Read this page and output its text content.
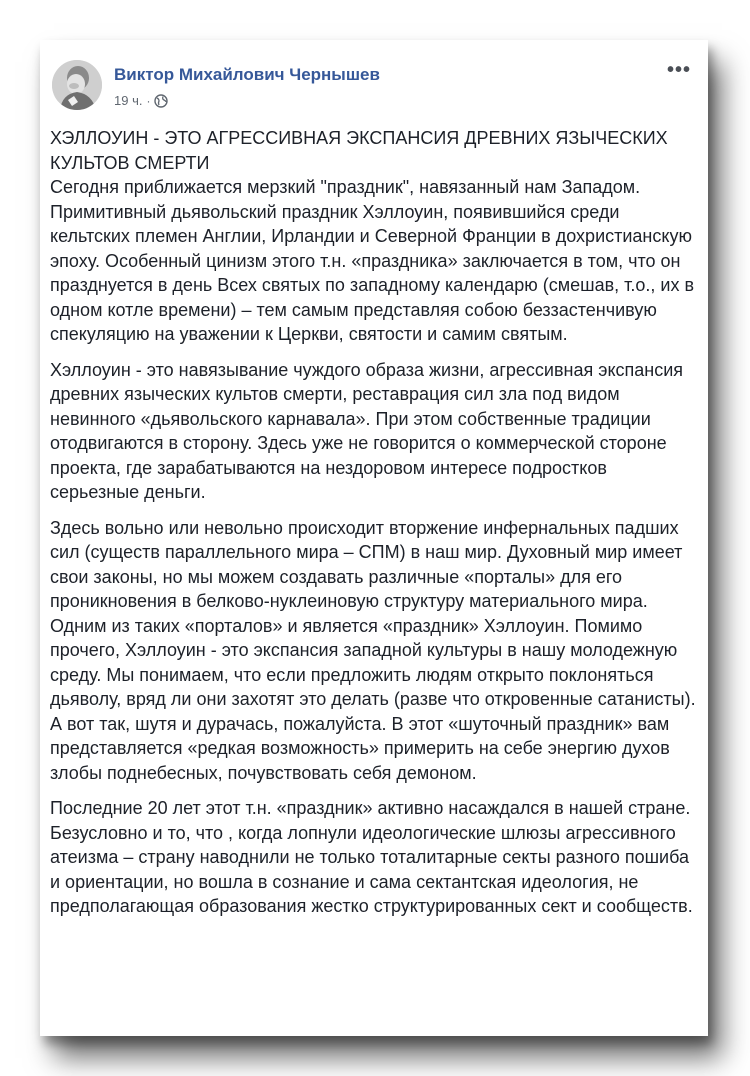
Виктор Михайлович Чернышев
19 ч. ·
•••

ХЭЛЛОУИН - ЭТО АГРЕССИВНАЯ ЭКСПАНСИЯ ДРЕВНИХ ЯЗЫЧЕСКИХ КУЛЬТОВ СМЕРТИ

Сегодня приближается мерзкий "праздник", навязанный нам Западом. Примитивный дьявольский праздник Хэллоуин, появившийся среди кельтских племен Англии, Ирландии и Северной Франции в дохристианскую эпоху. Особенный цинизм этого т.н. «праздника» заключается в том, что он празднуется в день Всех святых по западному календарю (смешав, т.о., их в одном котле времени) – тем самым представляя собою беззастенчивую спекуляцию на уважении к Церкви, святости и самим святым.

Хэллоуин - это навязывание чуждого образа жизни, агрессивная экспансия древних языческих культов смерти, реставрация сил зла под видом невинного «дьявольского карнавала». При этом собственные традиции отодвигаются в сторону. Здесь уже не говорится о коммерческой стороне проекта, где зарабатываются на нездоровом интересе подростков серьезные деньги.

Здесь вольно или невольно происходит вторжение инфернальных падших сил (существ параллельного мира – СПМ) в наш мир. Духовный мир имеет свои законы, но мы можем создавать различные «порталы» для его проникновения в белково-нуклеиновую структуру материального мира. Одним из таких «порталов» и является «праздник» Хэллоуин. Помимо прочего, Хэллоуин - это экспансия западной культуры в нашу молодежную среду. Мы понимаем, что если предложить людям открыто поклоняться дьяволу, вряд ли они захотят это делать (разве что откровенные сатанисты). А вот так, шутя и дурачась, пожалуйста. В этот «шуточный праздник» вам представляется «редкая возможность» примерить на себе энергию духов злобы поднебесных, почувствовать себя демоном.

Последние 20 лет этот т.н. «праздник» активно насаждался в нашей стране. Безусловно и то, что , когда лопнули идеологические шлюзы агрессивного атеизма – страну наводнили не только тоталитарные секты разного пошиба и ориентации, но вошла в сознание и сама сектантская идеология, не предполагающая образования жестко структурированных сект и сообществ.
